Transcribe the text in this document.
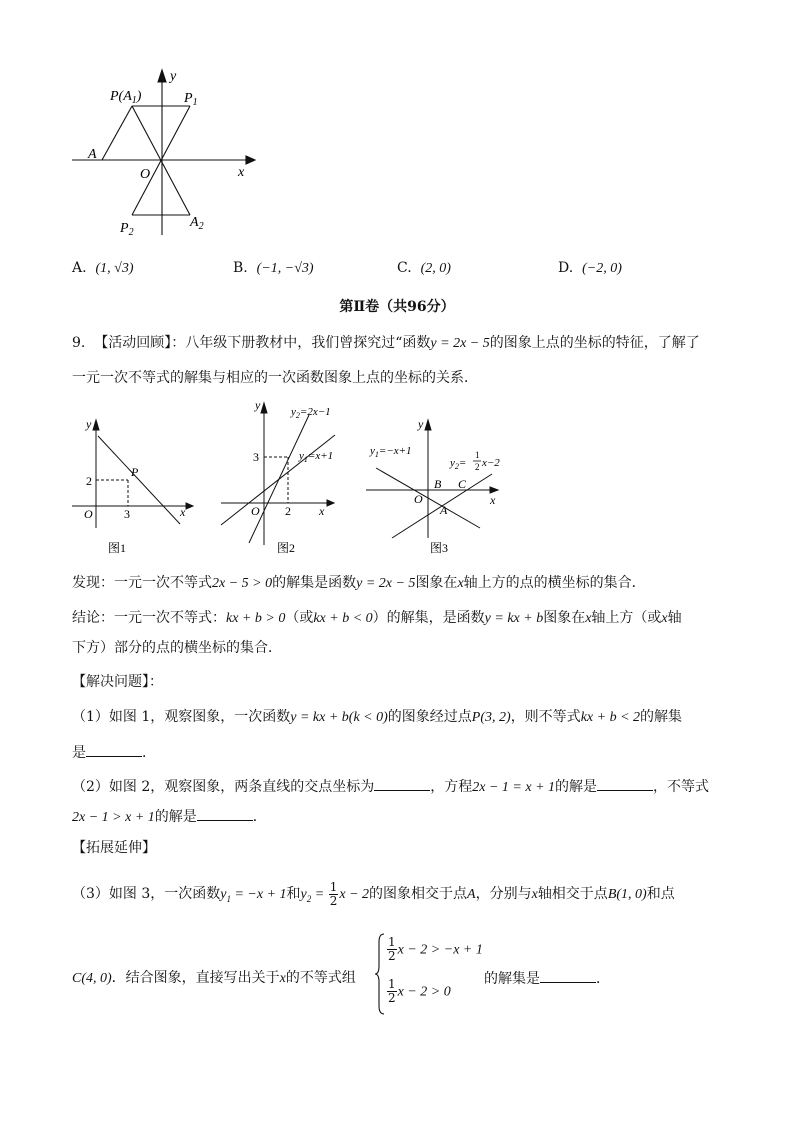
y
x
O
$P(A_1)$	$P_1$
A
$P_2$
$A_2$
A. (1, √3)	B. (−1, −√3)	C. (2, 0)	D. (−2, 0)
第Ⅱ卷（共96分）
9. 【活动回顾】：八年级下册教材中，我们曾探究过“函数y = 2x − 5的图象上点的坐标的特征，了解了
一元一次不等式的解集与相应的一次函数图象上点的坐标的关系．
y
x
O
P
2
3
图1
y
x
O
3
2
$y_2=2x-1$
$y_1=x+1$
图2
y
x
O
B C
A
$y_1=-x+1$
$y_2=$
1
2 x−2
图3
发现：一元一次不等式2x − 5 > 0的解集是函数y = 2x − 5图象在x轴上方的点的横坐标的集合．
结论：一元一次不等式：kx + b > 0（或kx + b < 0）的解集，是函数y = kx + b图象在x轴上方（或x轴
下方）部分的点的横坐标的集合．
【解决问题】：
（1）如图 1，观察图象，一次函数y = kx + b(k < 0)的图象经过点P(3, 2)，则不等式kx + b < 2的解集
是	．
（2）如图 2，观察图象，两条直线的交点坐标为	，方程2x − 1 = x + 1的解是	，不等式
2x − 1 > x + 1的解是	．
【拓展延伸】
（3）如图 3，一次函数$y_1 = -x + 1$和$y_2 = \frac{1}{2}$ x − 2的图象相交于点A，分别与x轴相交于点B(1, 0)和点
C(4, 0)．结合图象，直接写出关于x的不等式组
$\frac{1}{2}$ x − 2 > −x + 1
$\frac{1}{2}$ x − 2 > 0
的解集是	．
